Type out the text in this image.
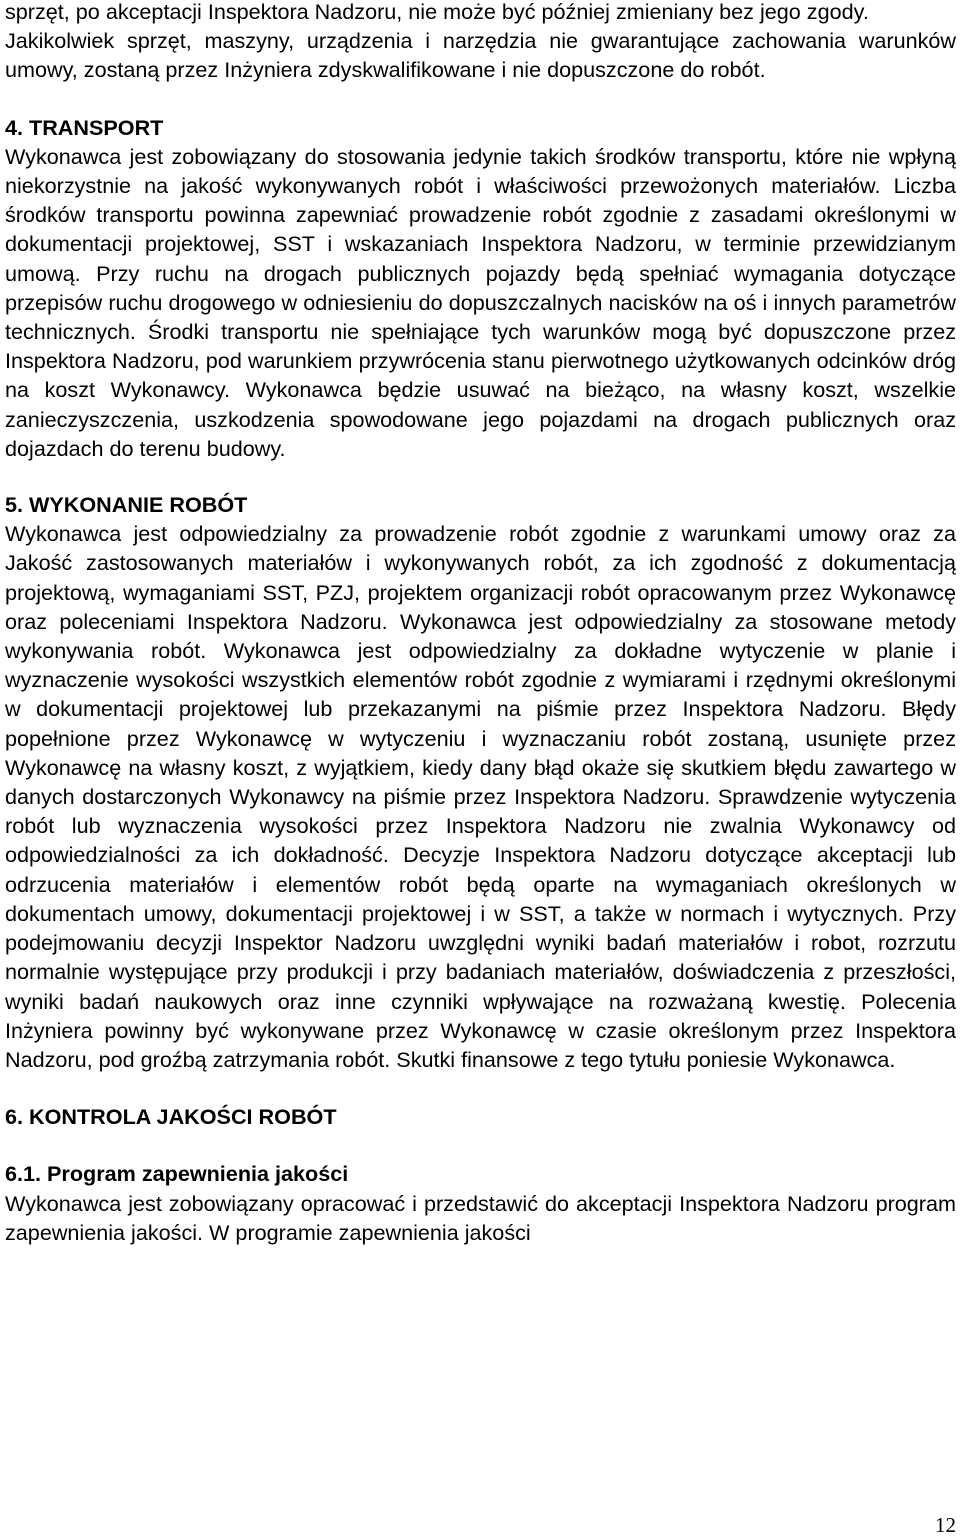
sprzęt, po akceptacji Inspektora Nadzoru, nie może być później zmieniany bez jego zgody.

Jakikolwiek sprzęt, maszyny, urządzenia i narzędzia nie gwarantujące zachowania warunków umowy, zostaną przez Inżyniera zdyskwalifikowane i nie dopuszczone do robót.

4. TRANSPORT

Wykonawca jest zobowiązany do stosowania jedynie takich środków transportu, które nie wpłyną niekorzystnie na jakość wykonywanych robót i właściwości przewożonych materiałów. Liczba środków transportu powinna zapewniać prowadzenie robót zgodnie z zasadami określonymi w dokumentacji projektowej, SST i wskazaniach Inspektora Nadzoru, w terminie przewidzianym umową. Przy ruchu na drogach publicznych pojazdy będą spełniać wymagania dotyczące przepisów ruchu drogowego w odniesieniu do dopuszczalnych nacisków na oś i innych parametrów technicznych. Środki transportu nie spełniające tych warunków mogą być dopuszczone przez Inspektora Nadzoru, pod warunkiem przywrócenia stanu pierwotnego użytkowanych odcinków dróg na koszt Wykonawcy. Wykonawca będzie usuwać na bieżąco, na własny koszt, wszelkie zanieczyszczenia, uszkodzenia spowodowane jego pojazdami na drogach publicznych oraz dojazdach do terenu budowy.

5. WYKONANIE ROBÓT

Wykonawca jest odpowiedzialny za prowadzenie robót zgodnie z warunkami umowy oraz za Jakość zastosowanych materiałów i wykonywanych robót, za ich zgodność z dokumentacją projektową, wymaganiami SST, PZJ, projektem organizacji robót opracowanym przez Wykonawcę oraz poleceniami Inspektora Nadzoru. Wykonawca jest odpowiedzialny za stosowane metody wykonywania robót. Wykonawca jest odpowiedzialny za dokładne wytyczenie w planie i wyznaczenie wysokości wszystkich elementów robót zgodnie z wymiarami i rzędnymi określonymi w dokumentacji projektowej lub przekazanymi na piśmie przez Inspektora Nadzoru. Błędy popełnione przez Wykonawcę w wytyczeniu i wyznaczaniu robót zostaną, usunięte przez Wykonawcę na własny koszt, z wyjątkiem, kiedy dany błąd okaże się skutkiem błędu zawartego w danych dostarczonych Wykonawcy na piśmie przez Inspektora Nadzoru. Sprawdzenie wytyczenia robót lub wyznaczenia wysokości przez Inspektora Nadzoru nie zwalnia Wykonawcy od odpowiedzialności za ich dokładność. Decyzje Inspektora Nadzoru dotyczące akceptacji lub odrzucenia materiałów i elementów robót będą oparte na wymaganiach określonych w dokumentach umowy, dokumentacji projektowej i w SST, a także w normach i wytycznych. Przy podejmowaniu decyzji Inspektor Nadzoru uwzględni wyniki badań materiałów i robot, rozrzutu normalnie występujące przy produkcji i przy badaniach materiałów, doświadczenia z przeszłości, wyniki badań naukowych oraz inne czynniki wpływające na rozważaną kwestię. Polecenia Inżyniera powinny być wykonywane przez Wykonawcę w czasie określonym przez Inspektora Nadzoru, pod groźbą zatrzymania robót. Skutki finansowe z tego tytułu poniesie Wykonawca.

6. KONTROLA JAKOŚCI ROBÓT

6.1. Program zapewnienia jakości

Wykonawca jest zobowiązany opracować i przedstawić do akceptacji Inspektora Nadzoru program zapewnienia jakości. W programie zapewnienia jakości

12
